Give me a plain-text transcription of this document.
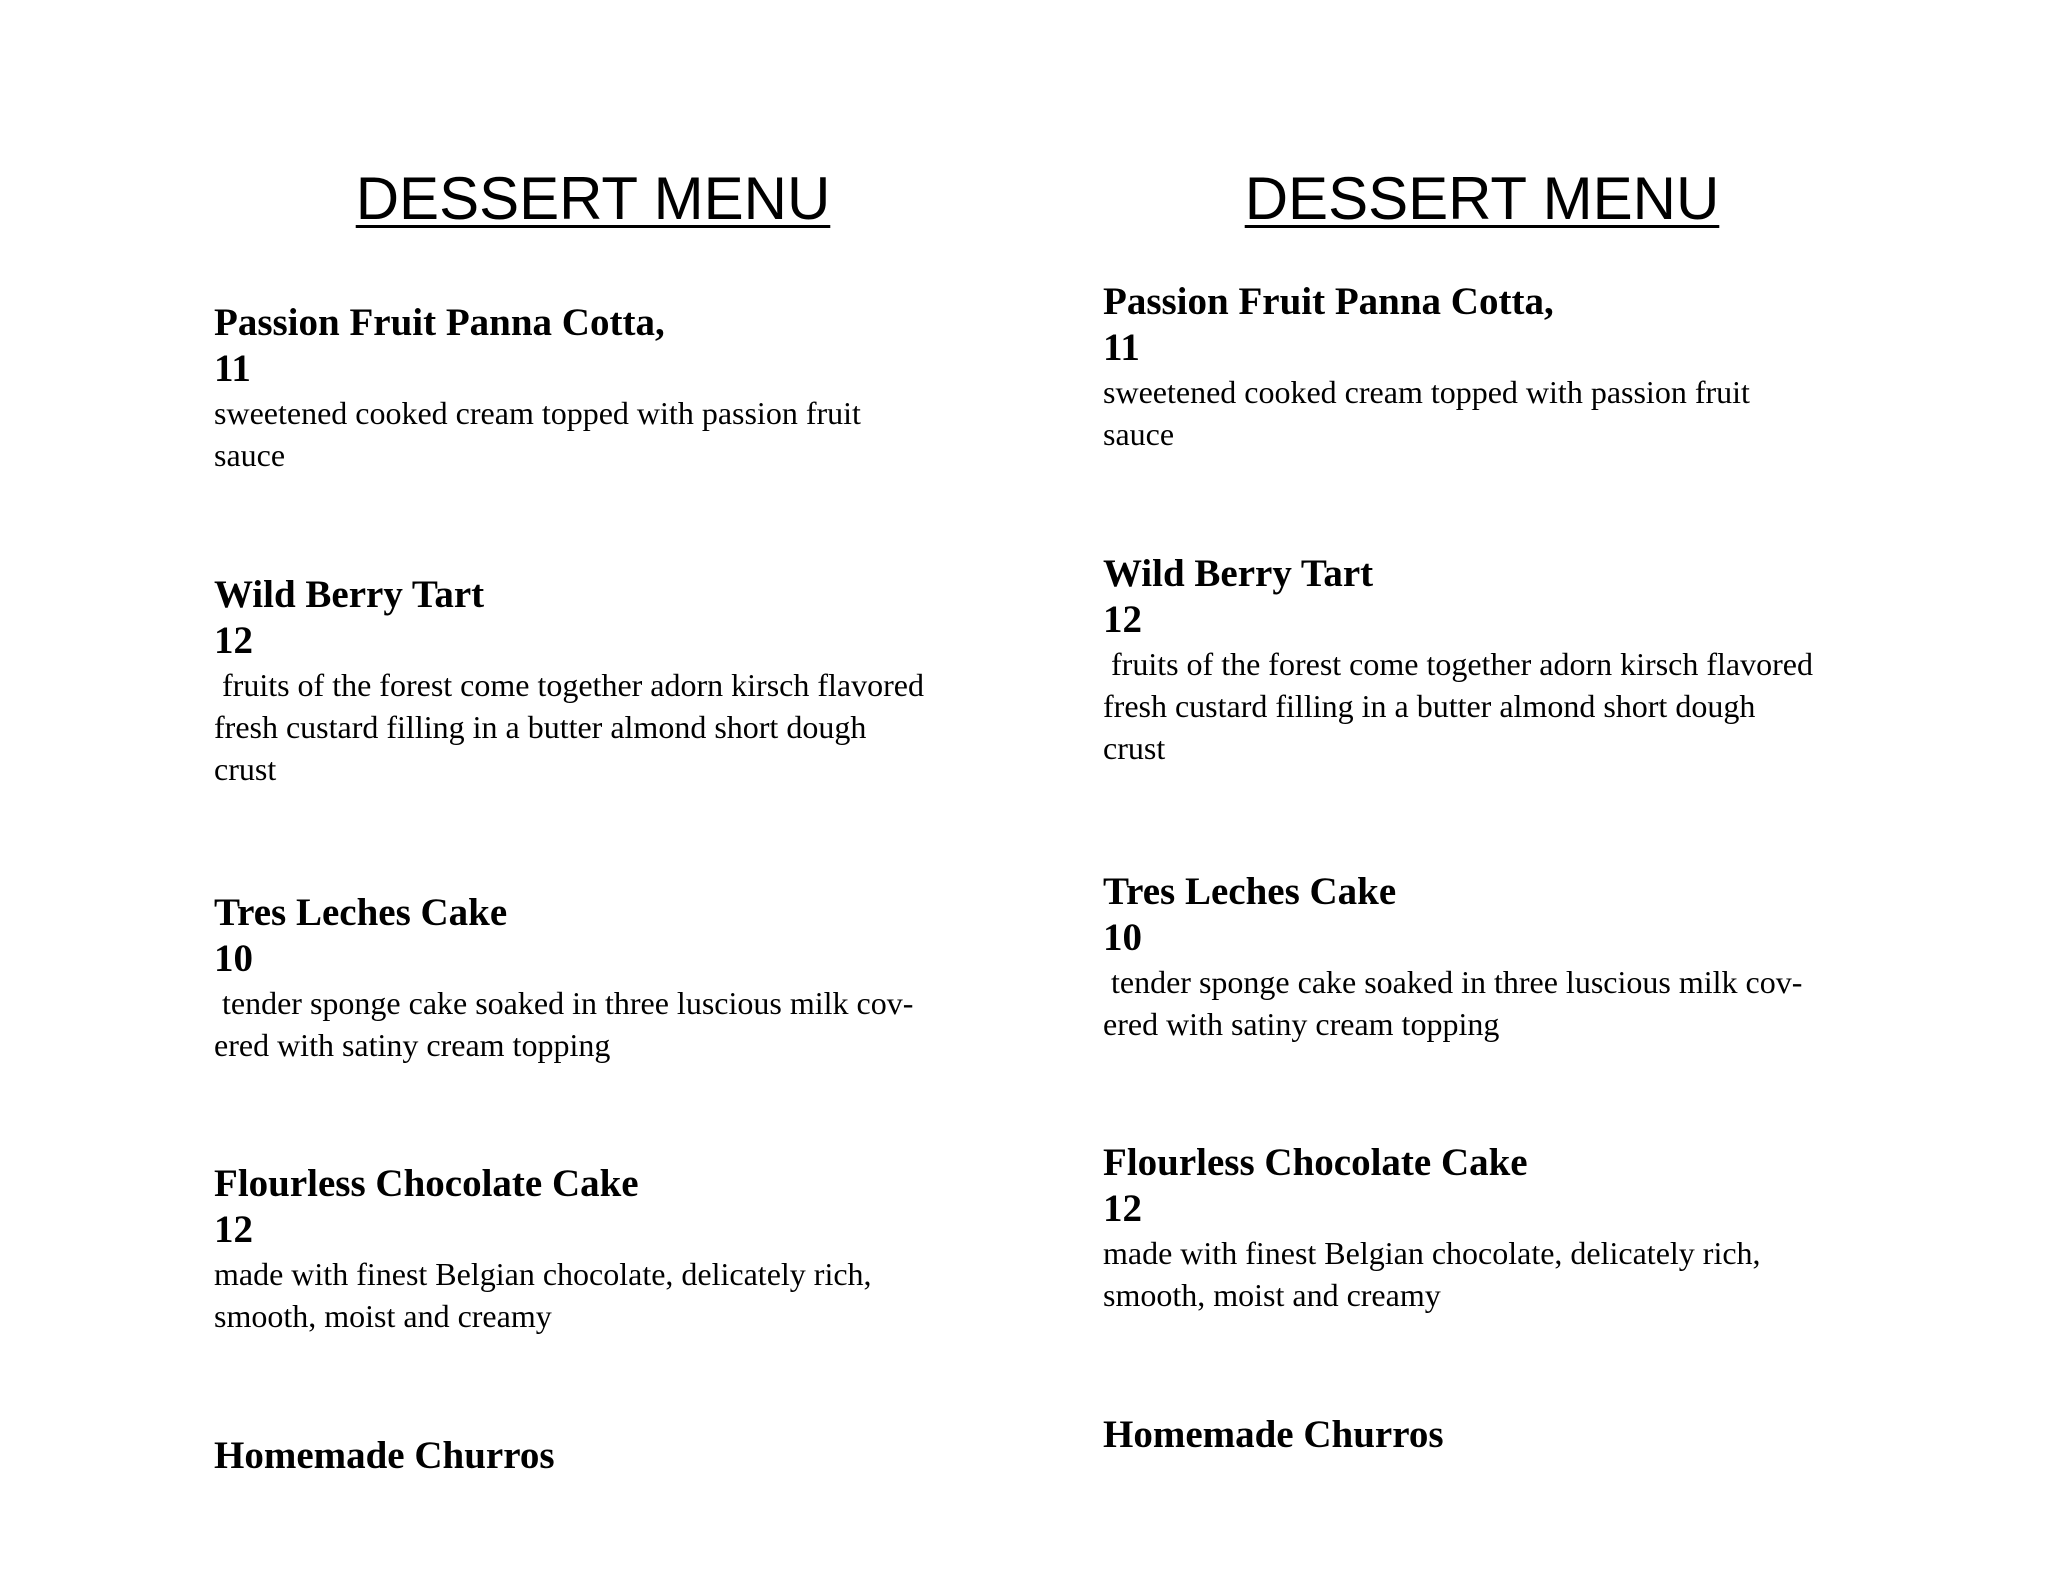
DESSERT MENU

Passion Fruit Panna Cotta,

11

sweetened cooked cream topped with passion fruit
sauce

Wild Berry Tart

12

fruits of the forest come together adorn kirsch flavored
fresh custard filling in a butter almond short dough
crust

Tres Leches Cake

10

tender sponge cake soaked in three luscious milk cov-
ered with satiny cream topping

Flourless Chocolate Cake

12

made with finest Belgian chocolate, delicately rich,
smooth, moist and creamy

Homemade Churros

DESSERT MENU

Passion Fruit Panna Cotta,

11

sweetened cooked cream topped with passion fruit
sauce

Wild Berry Tart

12

fruits of the forest come together adorn kirsch flavored
fresh custard filling in a butter almond short dough
crust

Tres Leches Cake

10

tender sponge cake soaked in three luscious milk cov-
ered with satiny cream topping

Flourless Chocolate Cake

12

made with finest Belgian chocolate, delicately rich,
smooth, moist and creamy

Homemade Churros
